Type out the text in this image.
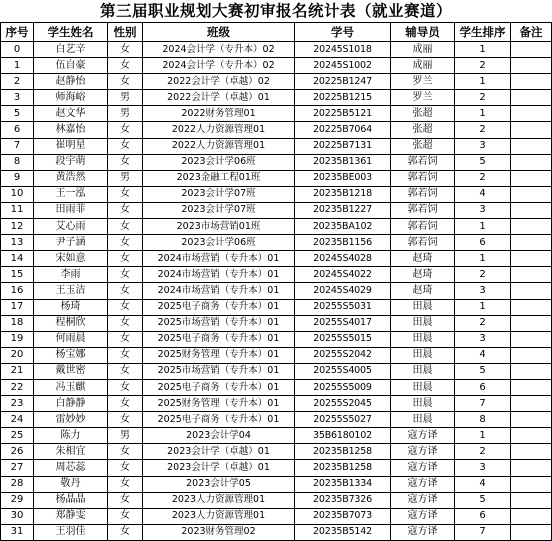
第三届职业规划大赛初审报名统计表（就业赛道）
序号	学生姓名	性别	班级	学号	辅导员	学生排序	备注
0	白艺辛	女	2024会计学（专升本）02	20245S1018	成丽	1	
1	伍自豪	女	2024会计学（专升本）02	20245S1002	成丽	2	
2	赵静怡	女	2022会计学（卓越）02	20225B1247	罗兰	1	
3	师海峪	男	2022会计学（卓越）01	20225B1215	罗兰	2	
5	赵文华	男	2022财务管理01	20225B5121	张超	1	
6	林嘉怡	女	2022人力资源管理01	20225B7064	张超	2	
7	崔明星	女	2022人力资源管理01	20225B7131	张超	3	
8	段宇萌	女	2023会计学06班	20235B1361	郭若饲	5	
9	黄浩然	男	2023金融工程01班	20235BE003	郭若饲	2	
10	王一泓	女	2023会计学07班	20235B1218	郭若饲	4	
11	田雨菲	女	2023会计学07班	20235B1227	郭若饲	3	
12	艾心雨	女	2023市场营销01班	20235BA102	郭若饲	1	
13	尹子涵	女	2023会计学06班	20235B1156	郭若饲	6	
14	宋如意	女	2024市场营销（专升本）01	20245S4028	赵琦	1	
15	李雨	女	2024市场营销（专升本）01	20245S4022	赵琦	2	
16	王玉洁	女	2024市场营销（专升本）01	20245S4029	赵琦	3	
17	杨琦	女	2025电子商务（专升本）01	20255S5031	田晨	1	
18	程桐欣	女	2025市场营销（专升本）01	20255S4017	田晨	2	
19	何雨晨	女	2025电子商务（专升本）01	20255S5015	田晨	3	
20	杨宝娜	女	2025财务管理（专升本）01	20255S2042	田晨	4	
21	戴世密	女	2025市场营销（专升本）01	20255S4005	田晨	5	
22	冯玉麒	女	2025电子商务（专升本）01	20255S5009	田晨	6	
23	白静静	女	2025财务管理（专升本）01	20255S2045	田晨	7	
24	雷妙妙	女	2025电子商务（专升本）01	20255S5027	田晨	8	
25	陈力	男	2023会计学04	35B6180102	寇方译	1	
26	朱相宜	女	2023会计学（卓越）01	20235B1258	寇方译	2	
27	周芯蕊	女	2023会计学（卓越）01	20235B1258	寇方译	3	
28	敬丹	女	2023会计学05	20235B1334	寇方译	4	
29	杨晶晶	女	2023人力资源管理01	20235B7326	寇方译	5	
30	郑静雯	女	2023人力资源管理01	20235B7073	寇方译	6	
31	王羽佳	女	2023财务管理02	20235B5142	寇方译	7	
